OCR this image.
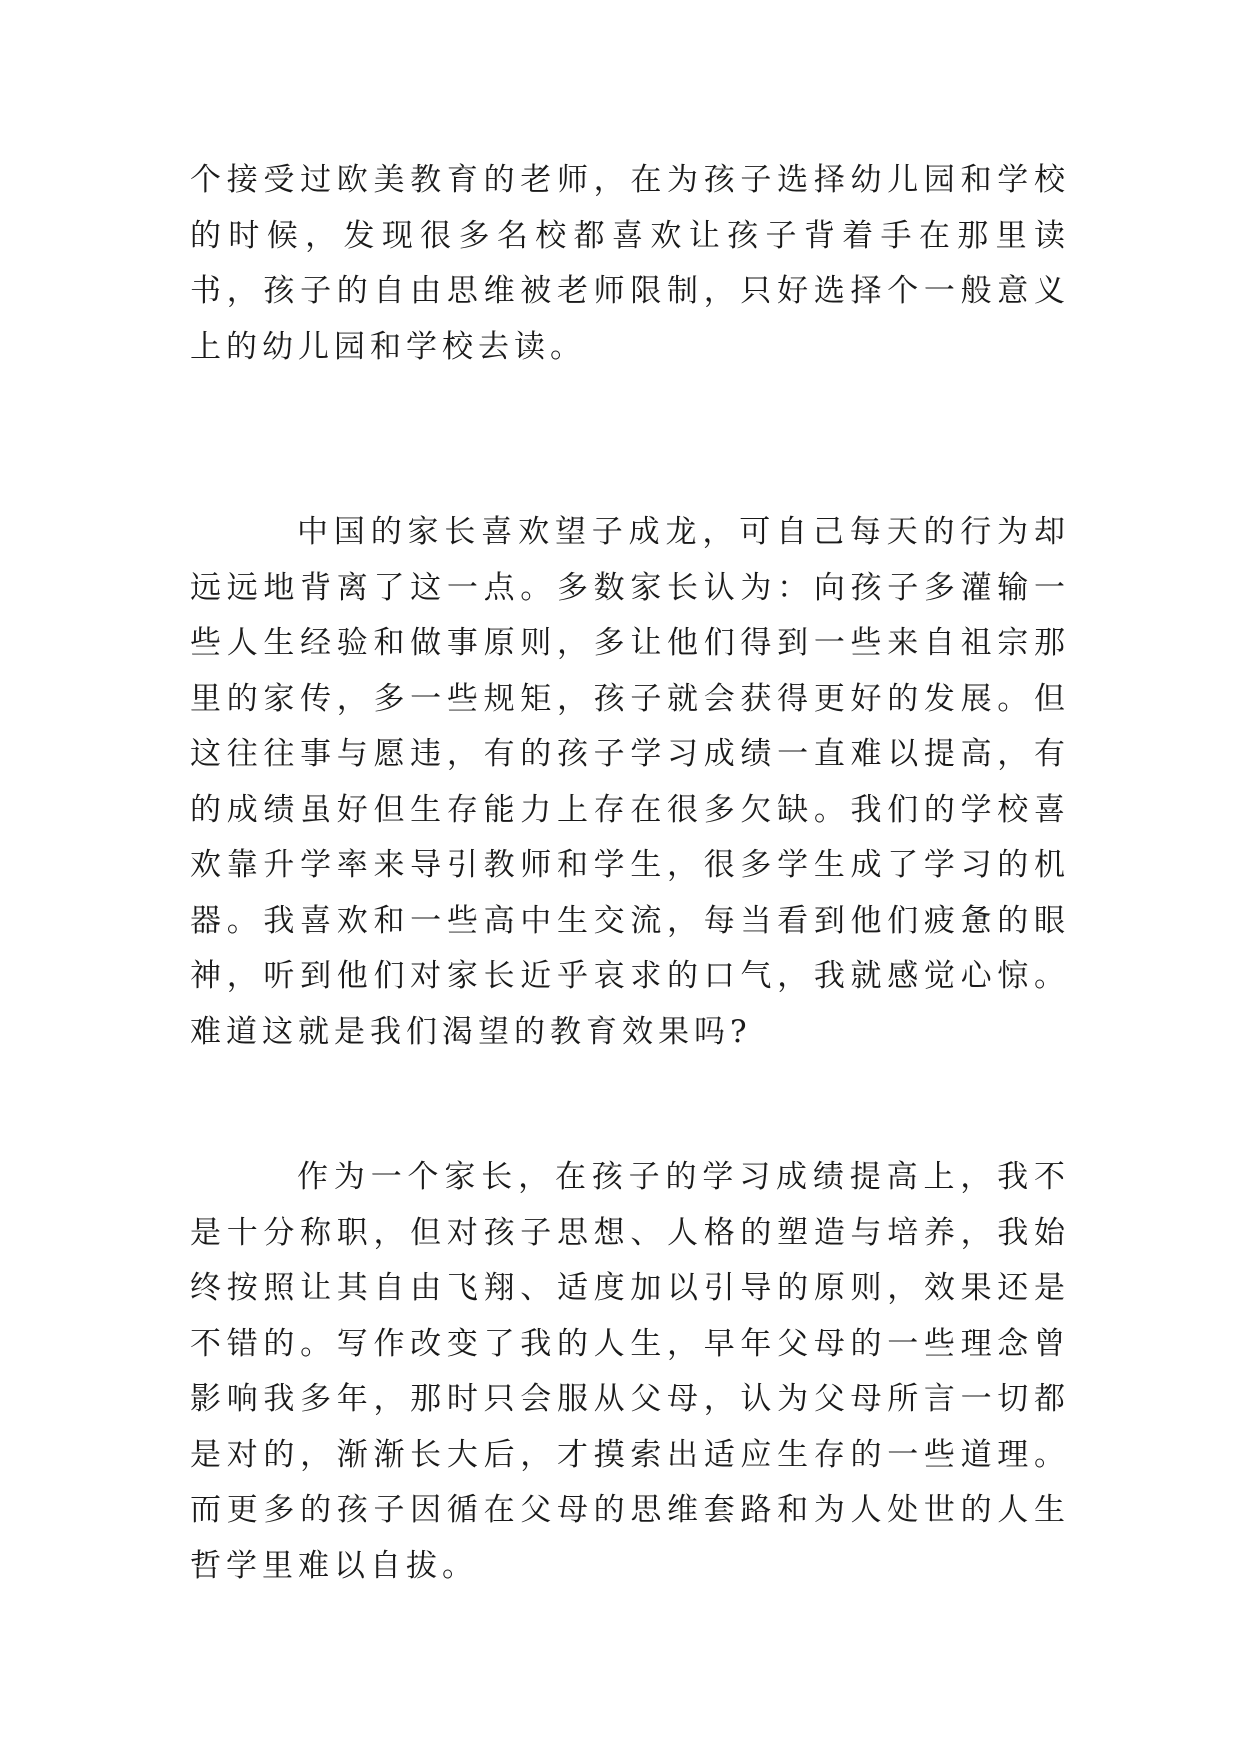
个接受过欧美教育的老师，在为孩子选择幼儿园和学校的时候，发现很多名校都喜欢让孩子背着手在那里读书，孩子的自由思维被老师限制，只好选择个一般意义上的幼儿园和学校去读。

中国的家长喜欢望子成龙，可自己每天的行为却远远地背离了这一点。多数家长认为：向孩子多灌输一些人生经验和做事原则，多让他们得到一些来自祖宗那里的家传，多一些规矩，孩子就会获得更好的发展。但这往往事与愿违，有的孩子学习成绩一直难以提高，有的成绩虽好但生存能力上存在很多欠缺。我们的学校喜欢靠升学率来导引教师和学生，很多学生成了学习的机器。我喜欢和一些高中生交流，每当看到他们疲惫的眼神，听到他们对家长近乎哀求的口气，我就感觉心惊。难道这就是我们渴望的教育效果吗?

作为一个家长，在孩子的学习成绩提高上，我不是十分称职，但对孩子思想、人格的塑造与培养，我始终按照让其自由飞翔、适度加以引导的原则，效果还是不错的。写作改变了我的人生，早年父母的一些理念曾影响我多年，那时只会服从父母，认为父母所言一切都是对的，渐渐长大后，才摸索出适应生存的一些道理。而更多的孩子因循在父母的思维套路和为人处世的人生哲学里难以自拔。
